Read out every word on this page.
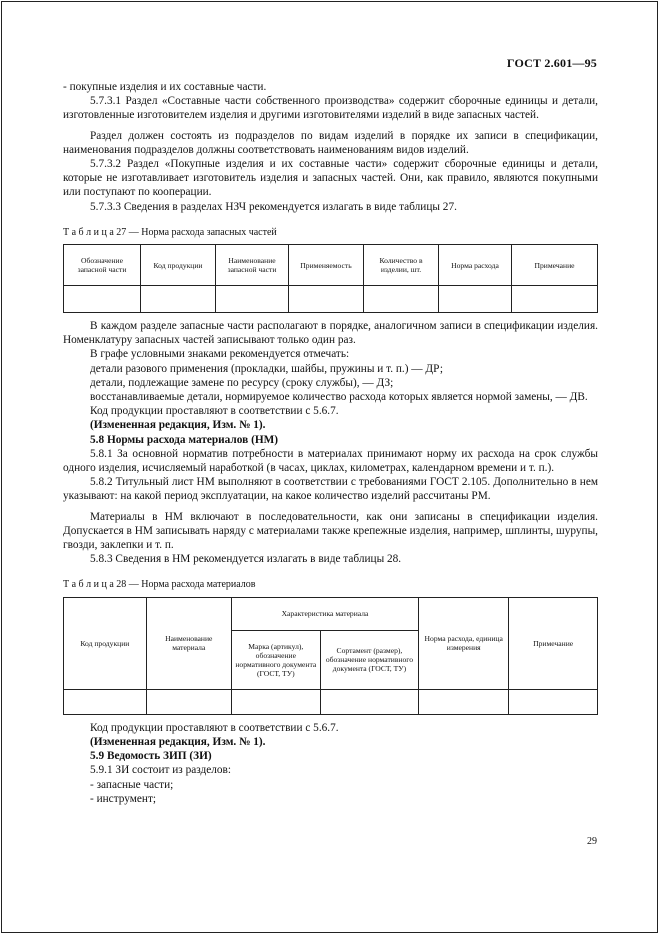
ГОСТ 2.601—95

- покупные изделия и их составные части.

5.7.3.1 Раздел «Составные части собственного производства» содержит сборочные единицы и детали, изготовленные изготовителем изделия и другими изготовителями изделий в виде запасных частей.

Раздел должен состоять из подразделов по видам изделий в порядке их записи в спецификации, наименования подразделов должны соответствовать наименованиям видов изделий.

5.7.3.2 Раздел «Покупные изделия и их составные части» содержит сборочные единицы и детали, которые не изготавливает изготовитель изделия и запасных частей. Они, как правило, являются покупными или поступают по кооперации.

5.7.3.3 Сведения в разделах НЗЧ рекомендуется излагать в виде таблицы 27.

Т а б л и ц а 27 — Норма расхода запасных частей

Обозначение запасной части	Код продукции	Наименование запасной части	Применяемость	Количество в изделии, шт.	Норма расхода	Примечание

В каждом разделе запасные части располагают в порядке, аналогичном записи в спецификации изделия. Номенклатуру запасных частей записывают только один раз.

В графе условными знаками рекомендуется отмечать:

детали разового применения (прокладки, шайбы, пружины и т. п.) — ДР;

детали, подлежащие замене по ресурсу (сроку службы), — ДЗ;

восстанавливаемые детали, нормируемое количество расхода которых является нормой замены, — ДВ.

Код продукции проставляют в соответствии с 5.6.7.

(Измененная редакция, Изм. № 1).

5.8 Нормы расхода материалов (НМ)

5.8.1 За основной норматив потребности в материалах принимают норму их расхода на срок службы одного изделия, исчисляемый наработкой (в часах, циклах, километрах, календарном времени и т. п.).

5.8.2 Титульный лист НМ выполняют в соответствии с требованиями ГОСТ 2.105. Дополнительно в нем указывают: на какой период эксплуатации, на какое количество изделий рассчитаны РМ.

Материалы в НМ включают в последовательности, как они записаны в спецификации изделия. Допускается в НМ записывать наряду с материалами также крепежные изделия, например, шплинты, шурупы, гвозди, заклепки и т. п.

5.8.3 Сведения в НМ рекомендуется излагать в виде таблицы 28.

Т а б л и ц а 28 — Норма расхода материалов

Код продукции	Наименование материала	Характеристика материала		Норма расхода, единица измерения	Примечание
		Марка (артикул), обозначение нормативного документа (ГОСТ, ТУ)	Сортамент (размер), обозначение нормативного документа (ГОСТ, ТУ)		

Код продукции проставляют в соответствии с 5.6.7.

(Измененная редакция, Изм. № 1).

5.9 Ведомость ЗИП (ЗИ)

5.9.1 ЗИ состоит из разделов:

- запасные части;

- инструмент;

29
